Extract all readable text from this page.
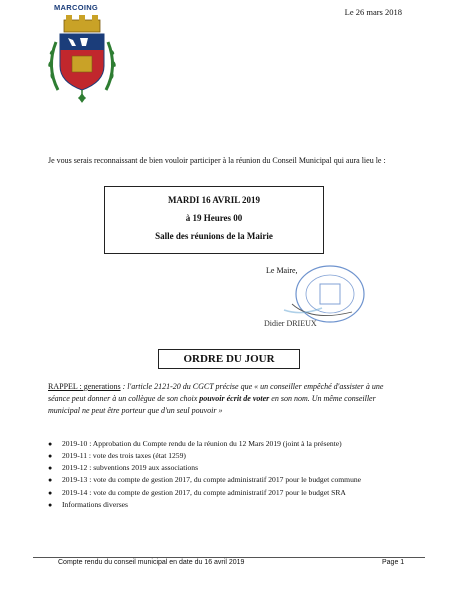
MARCOING	Le 26 mars 2018
Je vous serais reconnaissant de bien vouloir participer à la réunion du Conseil Municipal qui aura lieu le :
MARDI 16 AVRIL 2019
à 19 Heures 00
Salle des réunions de la Mairie
Le Maire,
Didier DRIEUX
ORDRE DU JOUR
RAPPEL : generations : l'article 2121-20 du CGCT précise que « un conseiller empêché d'assister à une séance peut donner à un collègue de son choix pouvoir écrit de voter en son nom. Un même conseiller municipal ne peut être porteur que d'un seul pouvoir »
● 2019-10 : Approbation du Compte rendu de la réunion du 12 Mars 2019 (joint à la présente)
● 2019-11 : vote des trois taxes (état 1259)
● 2019-12 : subventions 2019 aux associations
● 2019-13 : vote du compte de gestion 2017, du compte administratif 2017 pour le budget commune
● 2019-14 : vote du compte de gestion 2017, du compte administratif 2017 pour le budget SRA
● Informations diverses
Compte rendu du conseil municipal en date du 16 avril 2019	Page 1
